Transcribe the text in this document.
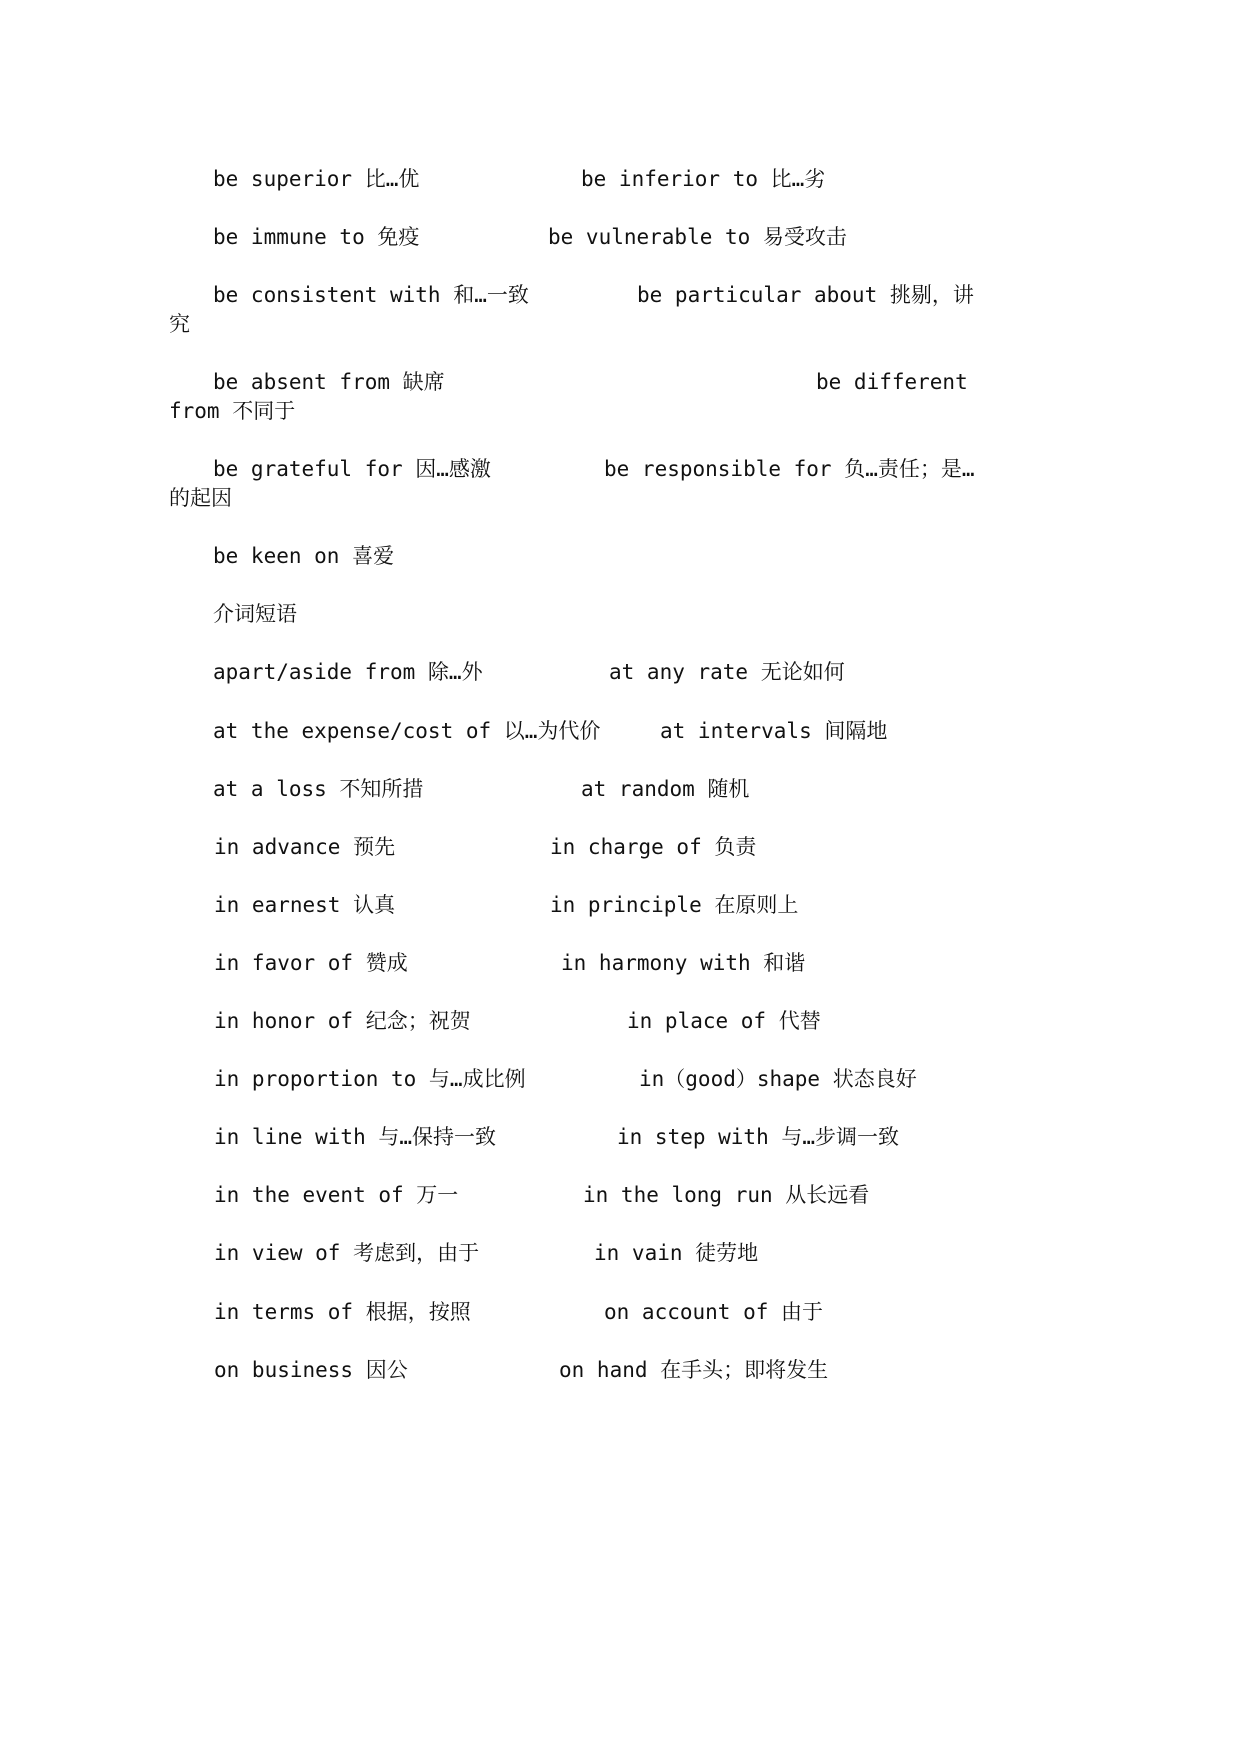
be superior 比…优	be inferior to 比…劣
be immune to 免疫	be vulnerable to 易受攻击
be consistent with 和…一致	be particular about 挑剔，讲
究
be absent from 缺席	be different
from 不同于
be grateful for 因…感激	be responsible for 负…责任；是…
的起因
be keen on 喜爱
介词短语
apart/aside from 除…外	at any rate 无论如何
at the expense/cost of 以…为代价	at intervals 间隔地
at a loss 不知所措	at random 随机
in advance 预先	in charge of 负责
in earnest 认真	in principle 在原则上
in favor of 赞成	in harmony with 和谐
in honor of 纪念；祝贺	in place of 代替
in proportion to 与…成比例	in（good）shape 状态良好
in line with 与…保持一致	in step with 与…步调一致
in the event of 万一	in the long run 从长远看
in view of 考虑到，由于	in vain 徒劳地
in terms of 根据，按照	on account of 由于
on business 因公	on hand 在手头；即将发生
